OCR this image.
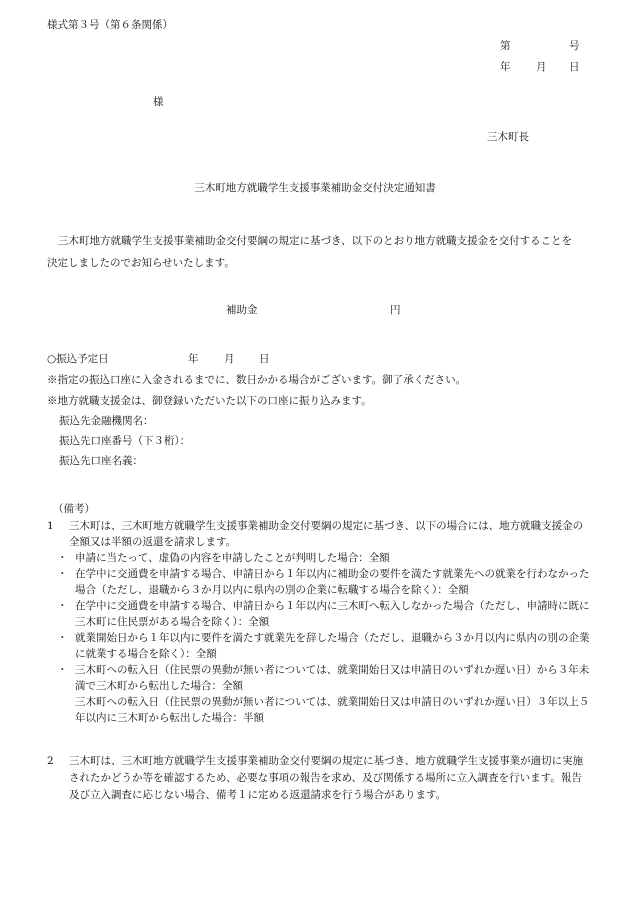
様式第３号（第６条関係）
第	号
年 月 日
様
三木町長
三木町地方就職学生支援事業補助金交付決定通知書
三木町地方就職学生支援事業補助金交付要綱の規定に基づき、以下のとおり地方就職支援金を交付することを決定しましたのでお知らせいたします。
補助金	円
○振込予定日	年 月 日
※指定の振込口座に入金されるまでに、数日かかる場合がございます。御了承ください。
※地方就職支援金は、御登録いただいた以下の口座に振り込みます。
振込先金融機関名：
振込先口座番号（下３桁）：
振込先口座名義：
（備考）
1 三木町は、三木町地方就職学生支援事業補助金交付要綱の規定に基づき、以下の場合には、地方就職支援金の全額又は半額の返還を請求します。
・ 申請に当たって、虚偽の内容を申請したことが判明した場合：全額
・ 在学中に交通費を申請する場合、申請日から１年以内に補助金の要件を満たす就業先への就業を行わなかった場合（ただし、退職から３か月以内に県内の別の企業に転職する場合を除く）：全額
・ 在学中に交通費を申請する場合、申請日から１年以内に三木町へ転入しなかった場合（ただし、申請時に既に三木町に住民票がある場合を除く）：全額
・ 就業開始日から１年以内に要件を満たす就業先を辞した場合（ただし、退職から３か月以内に県内の別の企業に就業する場合を除く）：全額
・ 三木町への転入日（住民票の異動が無い者については、就業開始日又は申請日のいずれか遅い日）から３年未満で三木町から転出した場合：全額
三木町への転入日（住民票の異動が無い者については、就業開始日又は申請日のいずれか遅い日）３年以上５年以内に三木町から転出した場合：半額
2 三木町は、三木町地方就職学生支援事業補助金交付要綱の規定に基づき、地方就職学生支援事業が適切に実施されたかどうか等を確認するため、必要な事項の報告を求め、及び関係する場所に立入調査を行います。報告及び立入調査に応じない場合、備考１に定める返還請求を行う場合があります。
